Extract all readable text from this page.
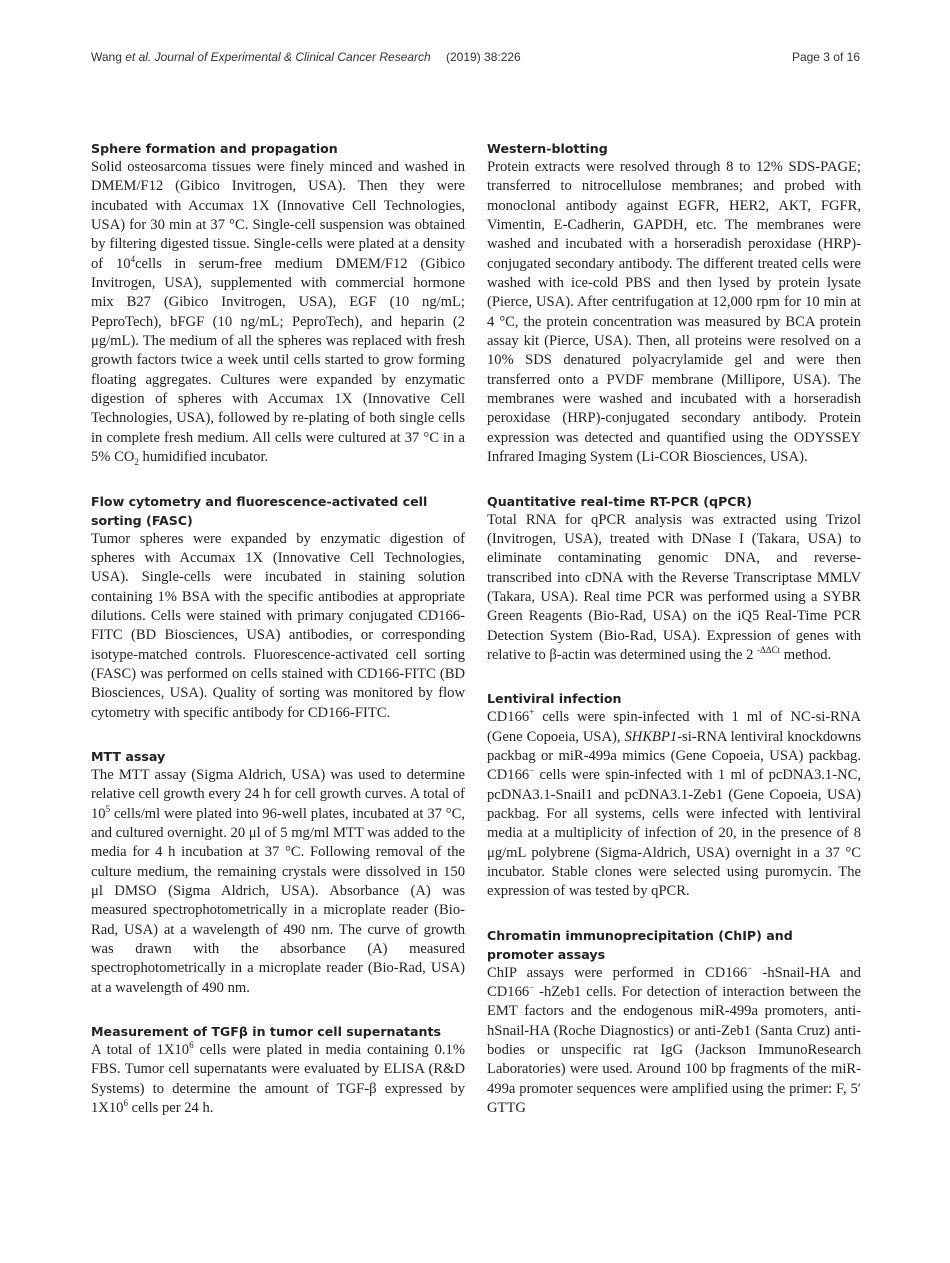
Wang et al. Journal of Experimental & Clinical Cancer Research (2019) 38:226	Page 3 of 16
Sphere formation and propagation

Solid osteosarcoma tissues were finely minced and washed in DMEM/F12 (Gibico Invitrogen, USA). Then they were incubated with Accumax 1X (Innovative Cell Technologies, USA) for 30 min at 37 °C. Single-cell suspension was obtained by filtering digested tissue. Single-cells were plated at a density of $10^4cells$ in serum-free medium DMEM/F12 (Gibico Invitrogen, USA), supplemented with commercial hormone mix B27 (Gibico Invitrogen, USA), EGF (10 ng/mL; PeproTech), bFGF (10 ng/mL; PeproTech), and heparin (2 μg/mL). The medium of all the spheres was replaced with fresh growth factors twice a week until cells started to grow forming floating aggregates. Cultures were expanded by enzymatic digestion of spheres with Accumax 1X (Innovative Cell Technologies, USA), followed by re-plating of both single cells in complete fresh medium. All cells were cultured at 37 °C in a 5% $CO_2$ humidified incubator.

Flow cytometry and fluorescence-activated cell sorting (FASC)

Tumor spheres were expanded by enzymatic digestion of spheres with Accumax 1X (Innovative Cell Technologies, USA). Single-cells were incubated in staining solution containing 1% BSA with the specific antibodies at appropriate dilutions. Cells were stained with primary conjugated CD166-FITC (BD Biosciences, USA) antibodies, or corresponding isotype-matched controls. Fluorescence-activated cell sorting (FASC) was performed on cells stained with CD166-FITC (BD Biosciences, USA). Quality of sorting was monitored by flow cytometry with specific antibody for CD166-FITC.

MTT assay

The MTT assay (Sigma Aldrich, USA) was used to determine relative cell growth every 24 h for cell growth curves. A total of $10^5$ cells/ml were plated into 96-well plates, incubated at 37 °C, and cultured overnight. 20 μl of 5 mg/ml MTT was added to the media for 4 h incubation at 37 °C. Following removal of the culture medium, the remaining crystals were dissolved in 150 μl DMSO (Sigma Aldrich, USA). Absorbance (A) was measured spectrophotometrically in a microplate reader (Bio-Rad, USA) at a wavelength of 490 nm. The curve of growth was drawn with the absorbance (A) measured spectrophotometrically in a microplate reader (Bio-Rad, USA) at a wavelength of 490 nm.

Measurement of TGFβ in tumor cell supernatants

A total of $1X10^6$ cells were plated in media containing 0.1% FBS. Tumor cell supernatants were evaluated by ELISA (R&D Systems) to determine the amount of TGF-β expressed by $1X10^6$ cells per 24 h.

Western-blotting

Protein extracts were resolved through 8 to 12% SDS-PAGE; transferred to nitrocellulose membranes; and probed with monoclonal antibody against EGFR, HER2, AKT, FGFR, Vimentin, E-Cadherin, GAPDH, etc. The membranes were washed and incubated with a horseradish peroxidase (HRP)-conjugated secondary antibody. The different treated cells were washed with ice-cold PBS and then lysed by protein lysate (Pierce, USA). After centrifugation at 12,000 rpm for 10 min at 4 °C, the protein concentration was measured by BCA protein assay kit (Pierce, USA). Then, all proteins were resolved on a 10% SDS denatured polyacrylamide gel and were then transferred onto a PVDF membrane (Millipore, USA). The membranes were washed and incubated with a horseradish peroxidase (HRP)-conjugated secondary antibody. Protein expression was detected and quantified using the ODYSSEY Infrared Imaging System (Li-COR Biosciences, USA).

Quantitative real-time RT-PCR (qPCR)

Total RNA for qPCR analysis was extracted using Trizol (Invitrogen, USA), treated with DNase I (Takara, USA) to eliminate contaminating genomic DNA, and reverse-transcribed into cDNA with the Reverse Transcriptase MMLV (Takara, USA). Real time PCR was performed using a SYBR Green Reagents (Bio-Rad, USA) on the iQ5 Real-Time PCR Detection System (Bio-Rad, USA). Expression of genes with relative to β-actin was determined using the 2 $^{-\Delta\Delta Ct}$ method.

Lentiviral infection

CD166+ cells were spin-infected with 1 ml of NC-si-RNA (Gene Copoeia, USA), SHKBP1-si-RNA lentiviral knockdowns packbag or miR-499a mimics (Gene Copoeia, USA) packbag. CD166− cells were spin-infected with 1 ml of pcDNA3.1-NC, pcDNA3.1-Snail1 and pcDNA3.1-Zeb1 (Gene Copoeia, USA) packbag. For all systems, cells were infected with lentiviral media at a multiplicity of infection of 20, in the presence of 8 μg/mL polybrene (Sigma-Aldrich, USA) overnight in a 37 °C incubator. Stable clones were selected using puromycin. The expression of was tested by qPCR.

Chromatin immunoprecipitation (ChIP) and promoter assays

ChIP assays were performed in CD166− -hSnail-HA and CD166− -hZeb1 cells. For detection of interaction between the EMT factors and the endogenous miR-499a promoters, anti-hSnail-HA (Roche Diagnostics) or anti-Zeb1 (Santa Cruz) anti-bodies or unspecific rat IgG (Jackson ImmunoResearch Laboratories) were used. Around 100 bp fragments of the miR-499a promoter sequences were amplified using the primer: F, 5′ GTTG
